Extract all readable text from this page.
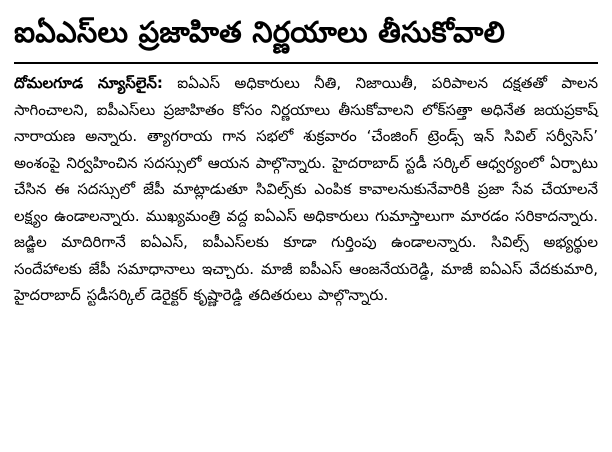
ఐఏఎస్‌లు ప్రజాహిత నిర్ణయాలు తీసుకోవాలి

దోమలగూడ న్యూస్‌లైన్: ఐఏఎస్ అధికారులు నీతి, నిజాయితీ, పరిపాలన దక్షతతో పాలన సాగించాలని, ఐపీఎస్‌లు ప్రజాహితం కోసం నిర్ణయాలు తీసుకోవాలని లోక్‌సత్తా అధినేత జయప్రకాష్ నారాయణ అన్నారు. త్యాగరాయ గాన సభలో శుక్రవారం ‘చేంజింగ్ ట్రెండ్స్ ఇన్ సివిల్ సర్వీసెస్’ అంశంపై నిర్వహించిన సదస్సులో ఆయన పాల్గొన్నారు. హైదరాబాద్ స్టడీ సర్కిల్ ఆధ్వర్యంలో ఏర్పాటు చేసిన ఈ సదస్సులో జేపీ మాట్లాడుతూ సివిల్స్‌కు ఎంపిక కావాలనుకునేవారికి ప్రజా సేవ చేయాలనే లక్ష్యం ఉండాలన్నారు. ముఖ్యమంత్రి వద్ద ఐఏఎస్ అధికారులు గుమాస్తాలుగా మారడం సరికాదన్నారు. జడ్జిల మాదిరిగానే ఐఏఎస్, ఐపీఎస్‌లకు కూడా గుర్తింపు ఉండాలన్నారు. సివిల్స్ అభ్యర్థుల సందేహాలకు జేపీ సమాధానాలు ఇచ్చారు. మాజీ ఐపీఎస్ ఆంజనేయరెడ్డి, మాజీ ఐఏఎస్ వేదకుమారి, హైదరాబాద్ స్టడీసర్కిల్ డెరైక్టర్ కృష్ణారెడ్డి తదితరులు పాల్గొన్నారు.
